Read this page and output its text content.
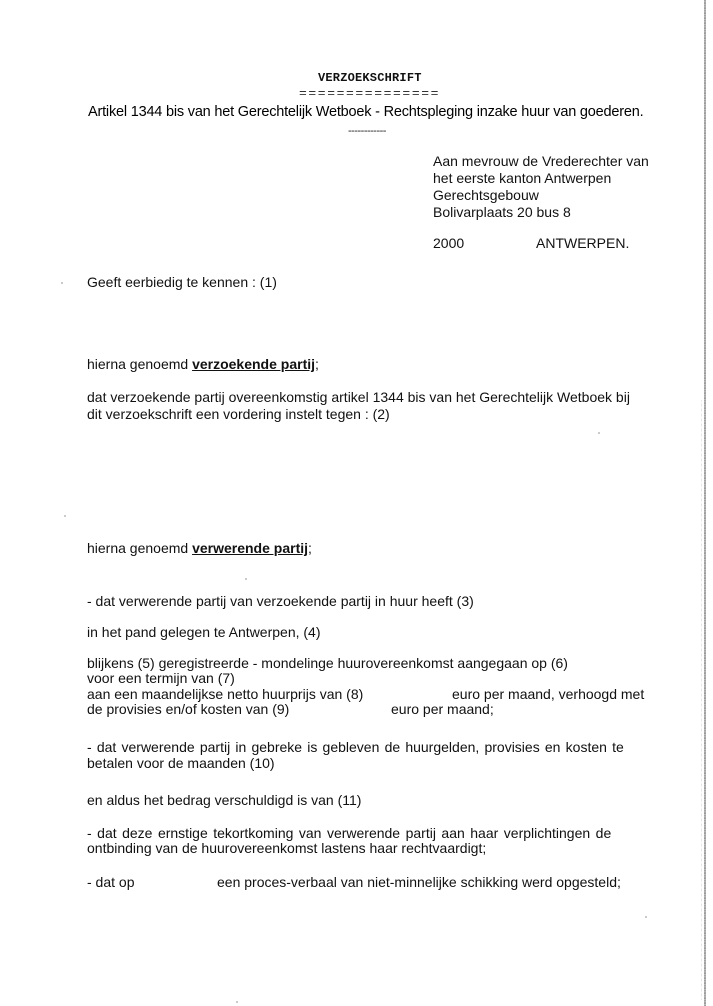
VERZOEKSCHRIFT
===============
Artikel 1344 bis van het Gerechtelijk Wetboek - Rechtspleging inzake huur van goederen.
------------
Aan mevrouw de Vrederechter van
het eerste kanton Antwerpen
Gerechtsgebouw
Bolivarplaats 20 bus 8
2000	ANTWERPEN.
Geeft eerbiedig te kennen : (1)
hierna genoemd verzoekende partij;
dat verzoekende partij overeenkomstig artikel 1344 bis van het Gerechtelijk Wetboek bij
dit verzoekschrift een vordering instelt tegen : (2)
hierna genoemd verwerende partij;
- dat verwerende partij van verzoekende partij in huur heeft (3)
in het pand gelegen te Antwerpen, (4)
blijkens (5) geregistreerde - mondelinge huurovereenkomst aangegaan op (6)
voor een termijn van (7)
aan een maandelijkse netto huurprijs van (8)	euro per maand, verhoogd met
de provisies en/of kosten van (9)	euro per maand;
- dat verwerende partij in gebreke is gebleven de huurgelden, provisies en kosten te
betalen voor de maanden (10)
en aldus het bedrag verschuldigd is van (11)
- dat deze ernstige tekortkoming van verwerende partij aan haar verplichtingen de
ontbinding van de huurovereenkomst lastens haar rechtvaardigt;
- dat op	een proces-verbaal van niet-minnelijke schikking werd opgesteld;
